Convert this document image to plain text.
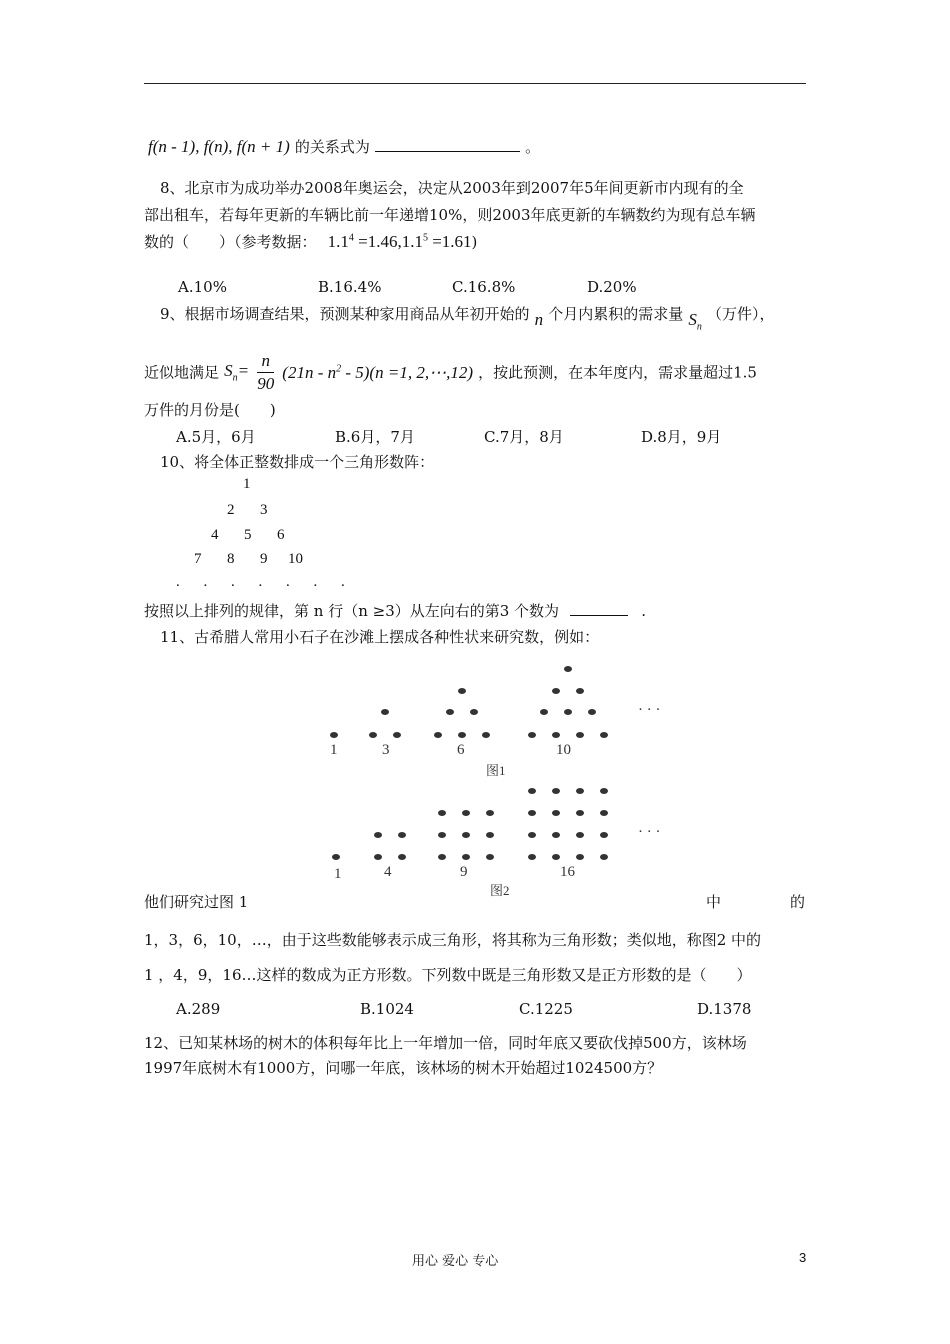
f(n - 1), f(n), f(n + 1) 的关系式为	。
8、北京市为成功举办2008年奥运会，决定从2003年到2007年5年间更新市内现有的全
部出租车，若每年更新的车辆比前一年递增10%，则2003年底更新的车辆数约为现有总车辆
数的（　　）（参考数据： $1.1^4 =1.46,1.1^5 =1.61$)
A.10%	B.16.4%	C.16.8%	D.20%
9、根据市场调查结果，预测某种家用商品从年初开始的 n 个月内累积的需求量 $S_n$ （万件），
近似地满足 $S_n= \frac{n}{90} (21n - n^2 - 5)(n =1$, 2,⋯,12) ，按此预测，在本年度内，需求量超过1.5
万件的月份是(　　)
A.5月，6月	B.6月，7月	C.7月，8月	D.8月，9月
10、将全体正整数排成一个三角形数阵：
1
2 3
4 5 6
7 8 9 10
. . . . . . .
按照以上排列的规律，第 n 行（n ≥3）从左向右的第3 个数为	.
11、古希腊人常用小石子在沙滩上摆成各种性状来研究数，例如：
· · ·
1	3	6	10
图1
· · ·
1	4	9	16
图2
他们研究过图 1	中	的
1，3，6，10，…，由于这些数能够表示成三角形，将其称为三角形数；类似地，称图2 中的
1 ，4，9，16…这样的数成为正方形数。下列数中既是三角形数又是正方形数的是（　　）
A.289	B.1024	C.1225	D.1378
12、已知某林场的树木的体积每年比上一年增加一倍，同时年底又要砍伐掉500方，该林场
1997年底树木有1000方，问哪一年底，该林场的树木开始超过1024500方？
用心 爱心 专心	3
